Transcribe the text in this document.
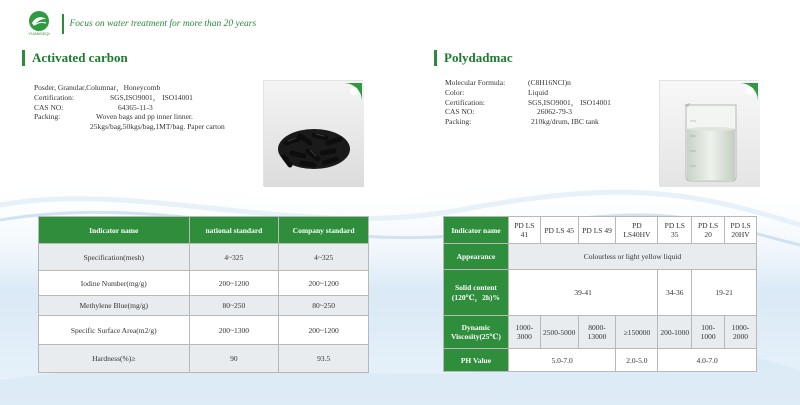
YUANGEQI
Focus on water treatment for more than 20 years
Activated carbon
Posder, Granular,Columnar，Honeycomb
Certification:	SGS,ISO9001， ISO14001
CAS NO:	64365-11-3
Packing:	Woven bags and pp inner linner.
25kgs/bag,50kgs/bag,1MT/bag. Paper carton
Polydadmac
Molecular Formula:	(C8H16NCl)n
Color:	Liquid
Certification:	SGS,ISO9001， ISO14001
CAS NO:	26062-79-3
Packing:	210kg/drum, IBC tank
Indicator name	national standard	Company standard
Specification(mesh)	4~325	4~325
Iodine Number(mg/g)	200~1200	200~1200
Methylene Blue(mg/g)	80~250	80~250
Specific Surface Area(m2/g)	200~1300	200~1200
Hardness(%)≥	90	93.5
Indicator name	PD LS 41	PD LS 45	PD LS 49	PD LS40HV	PD LS 35	PD LS 20	PD LS 20HV
Appearance	Colourless or light yellow liquid						
Solid content (120℃，2h)%	39-41				34-36	19-21	
Dynamic Viscosity(25℃)	1000-3000	2500-5000	8000-13000	≥150000	200-1000	100-1000	1000-2000
PH Value	5.0-7.0			2.0-5.0	4.0-7.0		
